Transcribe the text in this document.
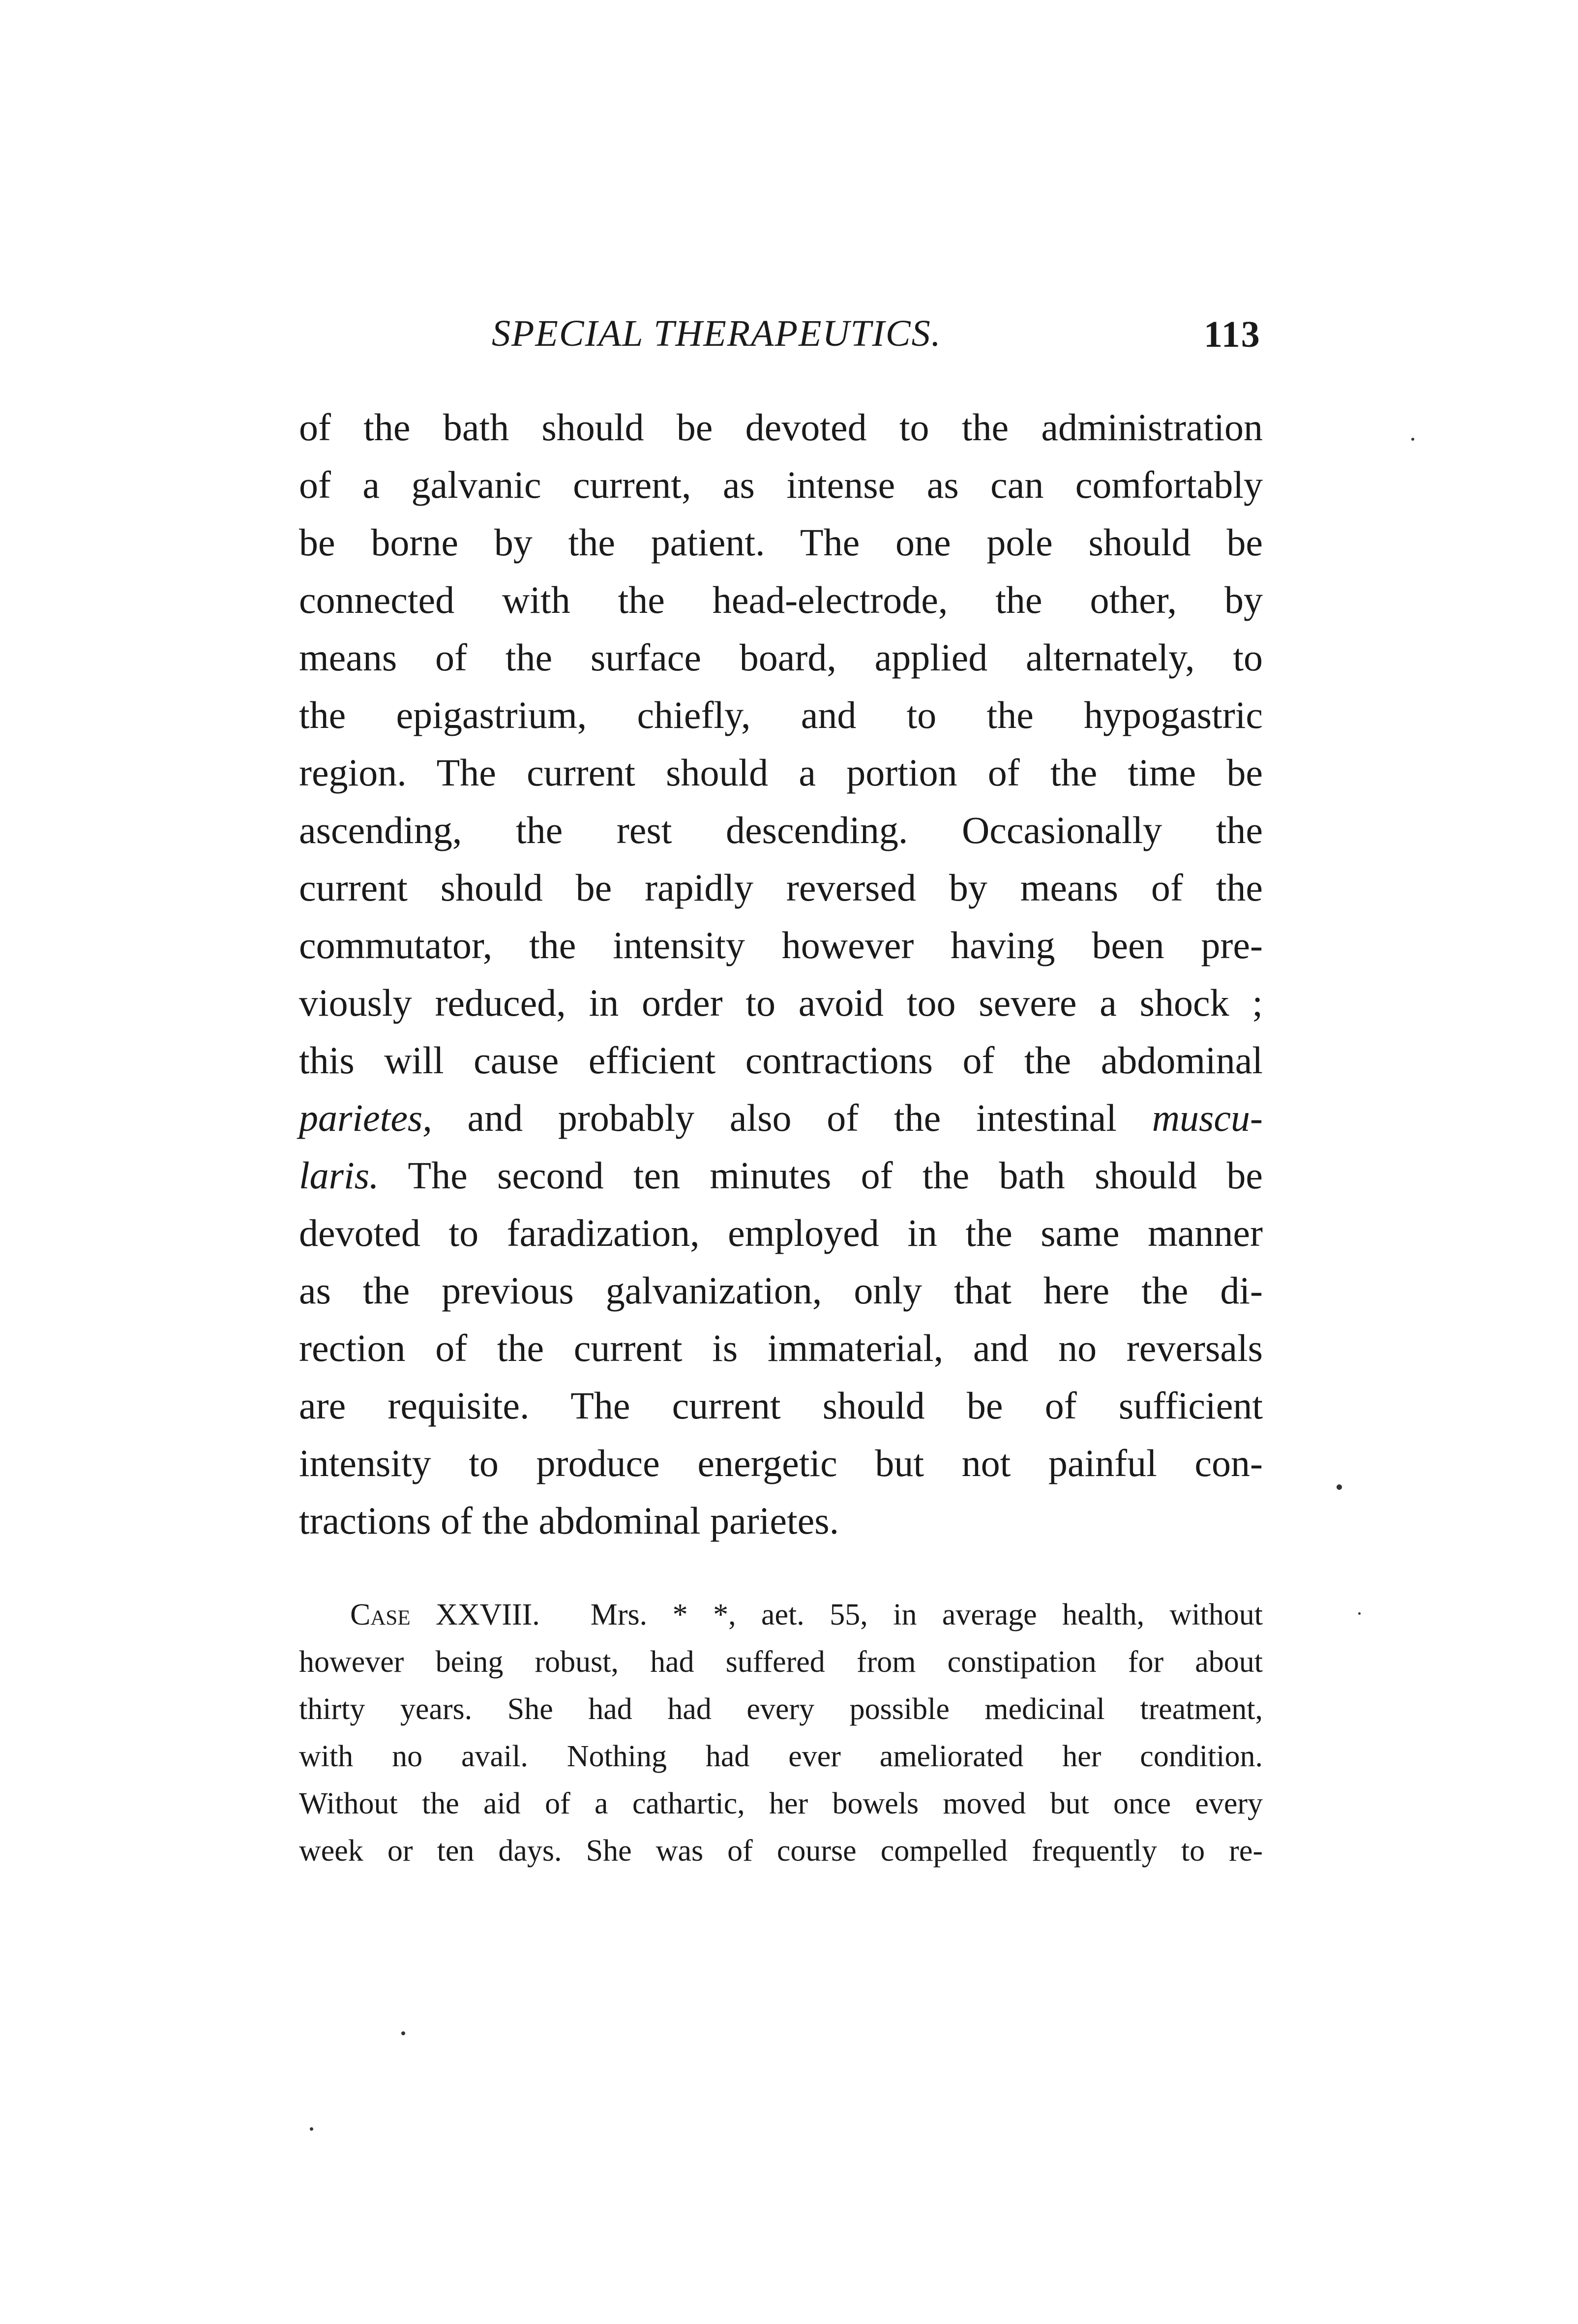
SPECIAL THERAPEUTICS.	113
of the bath should be devoted to the administration
of a galvanic current, as intense as can comfortably
be borne by the patient. The one pole should be
connected with the head-electrode, the other, by
means of the surface board, applied alternately, to
the epigastrium, chiefly, and to the hypogastric
region. The current should a portion of the time be
ascending, the rest descending. Occasionally the
current should be rapidly reversed by means of the
commutator, the intensity however having been pre-
viously reduced, in order to avoid too severe a shock ;
this will cause efficient contractions of the abdominal
parietes, and probably also of the intestinal muscu-
laris. The second ten minutes of the bath should be
devoted to faradization, employed in the same manner
as the previous galvanization, only that here the di-
rection of the current is immaterial, and no reversals
are requisite. The current should be of sufficient
intensity to produce energetic but not painful con-
tractions of the abdominal parietes.
Case XXVIII. Mrs. * *, aet. 55, in average health, without
however being robust, had suffered from constipation for about
thirty years. She had had every possible medicinal treatment,
with no avail. Nothing had ever ameliorated her condition.
Without the aid of a cathartic, her bowels moved but once every
week or ten days. She was of course compelled frequently to re-
